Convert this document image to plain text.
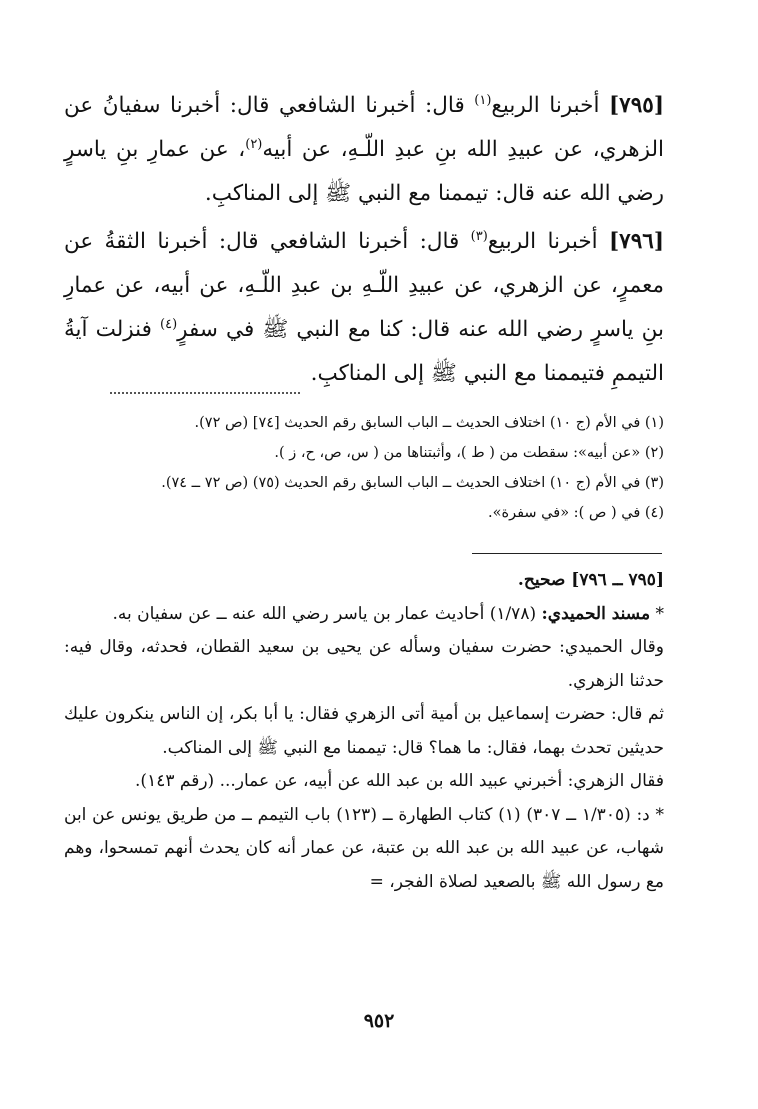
[٧٩٥] أخبرنا الربيع$^{(١)}$ قال: أخبرنا الشافعي قال: أخبرنا سفيانُ عن الزهري، عن عبيدِ الله بنِ عبدِ اللّـهِ، عن أبيه$^{(٢)}$، عن عمارِ بنِ ياسرٍ رضي الله عنه قال: تيممنا مع النبي ﷺ إلى المناكبِ.

[٧٩٦] أخبرنا الربيع$^{(٣)}$ قال: أخبرنا الشافعي قال: أخبرنا الثقةُ عن معمرٍ، عن الزهري، عن عبيدِ اللّـهِ بن عبدِ اللّـهِ، عن أبيه، عن عمارِ بنِ ياسرٍ رضي الله عنه قال: كنا مع النبي ﷺ في سفرٍ$^{(٤)}$ فنزلت آيةُ التيممِ فتيممنا مع النبي ﷺ إلى المناكبِ.

(١) في الأم (ج ١٠) اختلاف الحديث ــ الباب السابق رقم الحديث [٧٤] (ص ٧٢).
(٢) «عن أبيه»: سقطت من ( ط )، وأثبتناها من ( س، ص، ح، ز ).
(٣) في الأم (ج ١٠) اختلاف الحديث ــ الباب السابق رقم الحديث (٧٥) (ص ٧٢ ــ ٧٤).
(٤) في ( ص ): «في سفرة».

[٧٩٥ ــ ٧٩٦] صحيح.

* مسند الحميدي: (١/٧٨) أحاديث عمار بن ياسر رضي الله عنه ــ عن سفيان به.

وقال الحميدي: حضرت سفيان وسأله عن يحيى بن سعيد القطان، فحدثه، وقال فيه: حدثنا الزهري.

ثم قال: حضرت إسماعيل بن أمية أتى الزهري فقال: يا أبا بكر، إن الناس ينكرون عليك حديثين تحدث بهما، فقال: ما هما؟ قال: تيممنا مع النبي ﷺ إلى المناكب.

فقال الزهري: أخبرني عبيد الله بن عبد الله عن أبيه، عن عمار... (رقم ١٤٣).

* د: (١/٣٠٥ ــ ٣٠٧) (١) كتاب الطهارة ــ (١٢٣) باب التيمم ــ من طريق يونس عن ابن شهاب، عن عبيد الله بن عبد الله بن عتبة، عن عمار أنه كان يحدث أنهم تمسحوا، وهم مع رسول الله ﷺ بالصعيد لصلاة الفجر، =

٩٥٢
